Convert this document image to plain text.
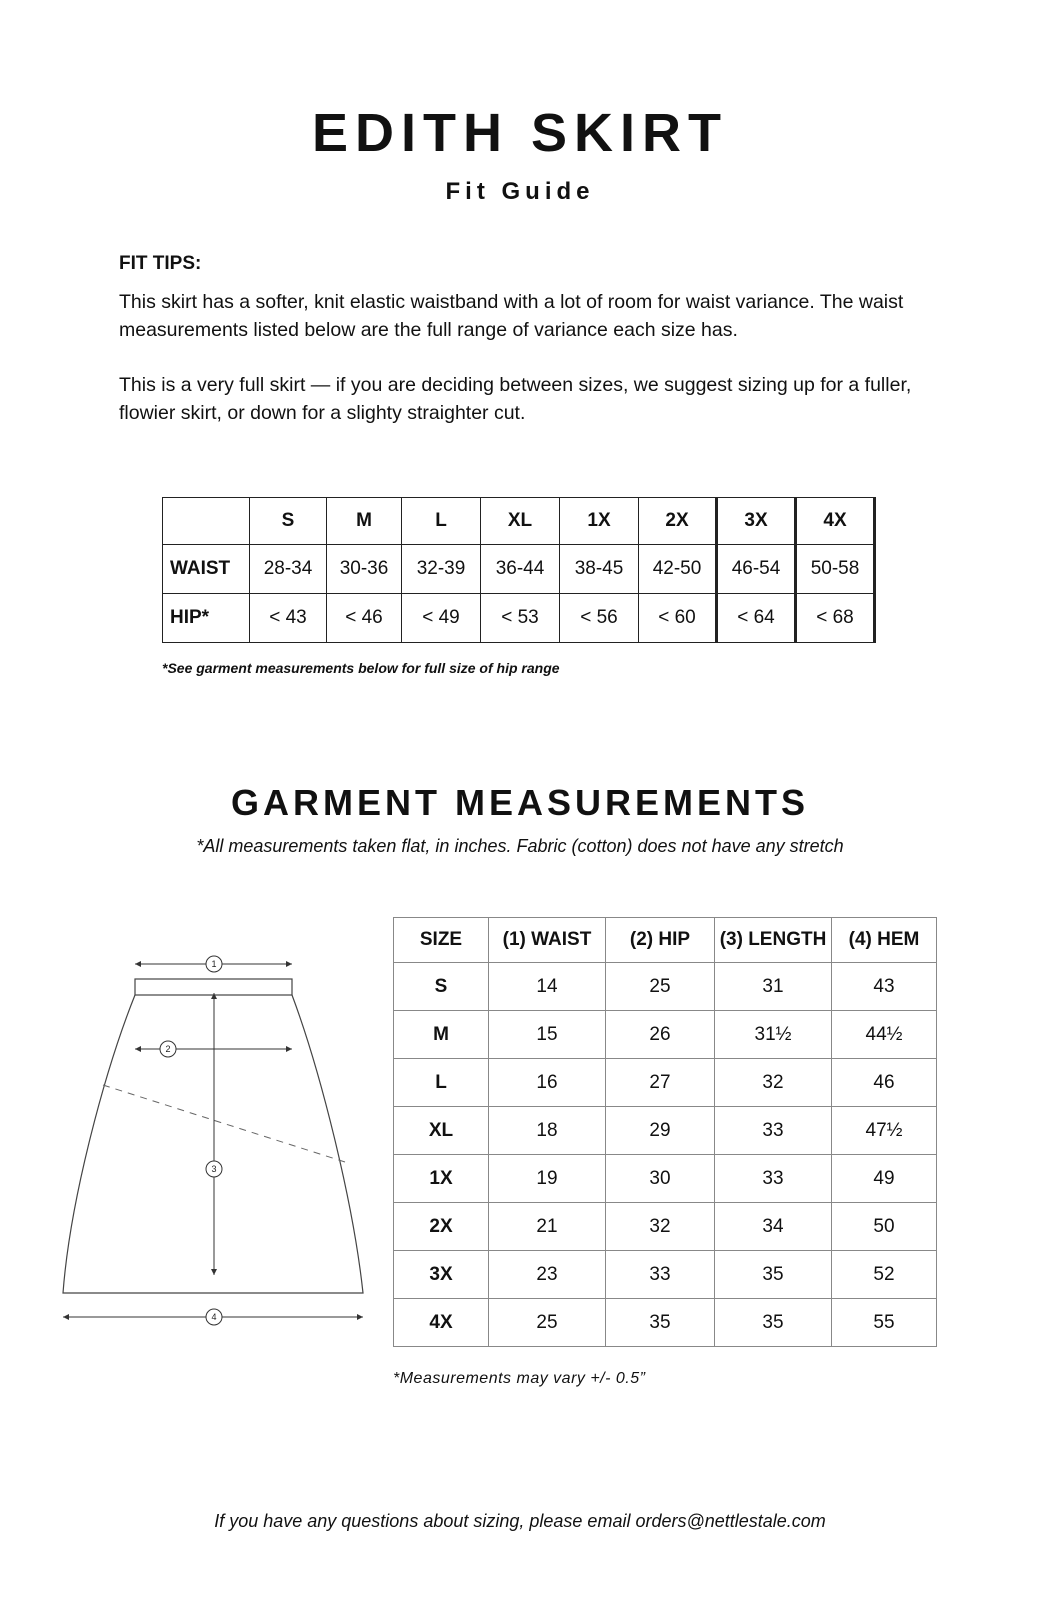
EDITH SKIRT
Fit Guide
FIT TIPS:

This skirt has a softer, knit elastic waistband with a lot of room for waist variance. The waist measurements listed below are the full range of variance each size has.

This is a very full skirt — if you are deciding between sizes, we suggest sizing up for a fuller, flowier skirt, or down for a slighty straighter cut.

	S	M	L	XL	1X	2X	3X	4X
WAIST	28-34	30-36	32-39	36-44	38-45	42-50	46-54	50-58
HIP*	< 43	< 46	< 49	< 53	< 56	< 60	< 64	< 68
*See garment measurements below for full size of hip range
GARMENT MEASUREMENTS
*All measurements taken flat, in inches. Fabric (cotton) does not have any stretch
1
2
3
4
SIZE	(1) WAIST	(2) HIP	(3) LENGTH	(4) HEM
S	14	25	31	43
M	15	26	31½	44½
L	16	27	32	46
XL	18	29	33	47½
1X	19	30	33	49
2X	21	32	34	50
3X	23	33	35	52
4X	25	35	35	55
*Measurements may vary +/- 0.5”
If you have any questions about sizing, please email orders@nettlestale.com
